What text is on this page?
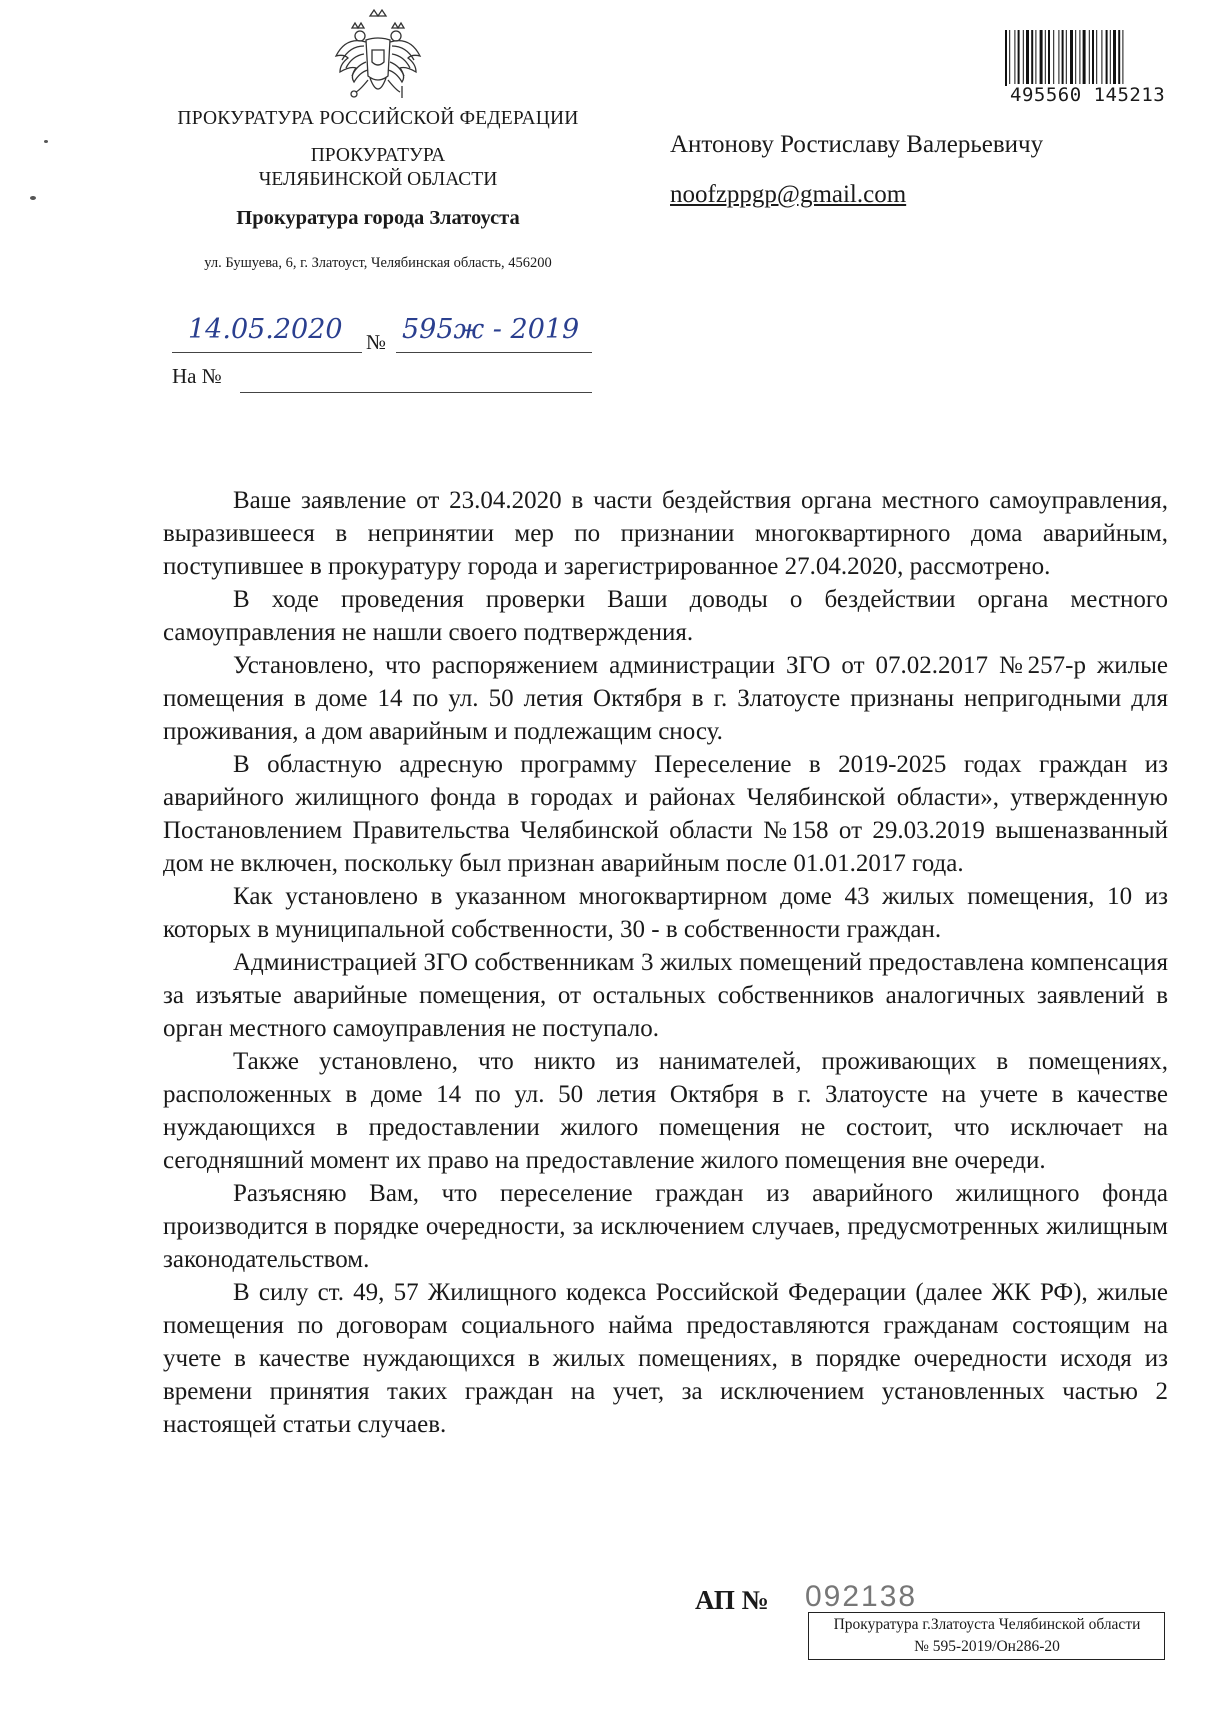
ПРОКУРАТУРА РОССИЙСКОЙ ФЕДЕРАЦИИ
ПРОКУРАТУРА
ЧЕЛЯБИНСКОЙ ОБЛАСТИ
Прокуратура города Златоуста
ул. Бушуева, 6, г. Златоуст, Челябинская область, 456200
14.05.2020 № 595ж - 2019
На №
Антонову Ростиславу Валерьевичу
noofzppgp@gmail.com
495560 145213

Ваше заявление от 23.04.2020 в части бездействия органа местного самоуправления, выразившееся в непринятии мер по признании многоквартирного дома аварийным, поступившее в прокуратуру города и зарегистрированное 27.04.2020, рассмотрено.

В ходе проведения проверки Ваши доводы о бездействии органа местного самоуправления не нашли своего подтверждения.

Установлено, что распоряжением администрации ЗГО от 07.02.2017 №257-р жилые помещения в доме 14 по ул. 50 летия Октября в г. Златоусте признаны непригодными для проживания, а дом аварийным и подлежащим сносу.

В областную адресную программу Переселение в 2019-2025 годах граждан из аварийного жилищного фонда в городах и районах Челябинской области», утвержденную Постановлением Правительства Челябинской области №158 от 29.03.2019 вышеназванный дом не включен, поскольку был признан аварийным после 01.01.2017 года.

Как установлено в указанном многоквартирном доме 43 жилых помещения, 10 из которых в муниципальной собственности, 30 - в собственности граждан.

Администрацией ЗГО собственникам 3 жилых помещений предоставлена компенсация за изъятые аварийные помещения, от остальных собственников аналогичных заявлений в орган местного самоуправления не поступало.

Также установлено, что никто из нанимателей, проживающих в помещениях, расположенных в доме 14 по ул. 50 летия Октября в г. Златоусте на учете в качестве нуждающихся в предоставлении жилого помещения не состоит, что исключает на сегодняшний момент их право на предоставление жилого помещения вне очереди.

Разъясняю Вам, что переселение граждан из аварийного жилищного фонда производится в порядке очередности, за исключением случаев, предусмотренных жилищным законодательством.

В силу ст. 49, 57 Жилищного кодекса Российской Федерации (далее ЖК РФ), жилые помещения по договорам социального найма предоставляются гражданам состоящим на учете в качестве нуждающихся в жилых помещениях, в порядке очередности исходя из времени принятия таких граждан на учет, за исключением установленных частью 2 настоящей статьи случаев.

АП № 092138
Прокуратура г.Златоуста Челябинской области
№ 595-2019/Он286-20
